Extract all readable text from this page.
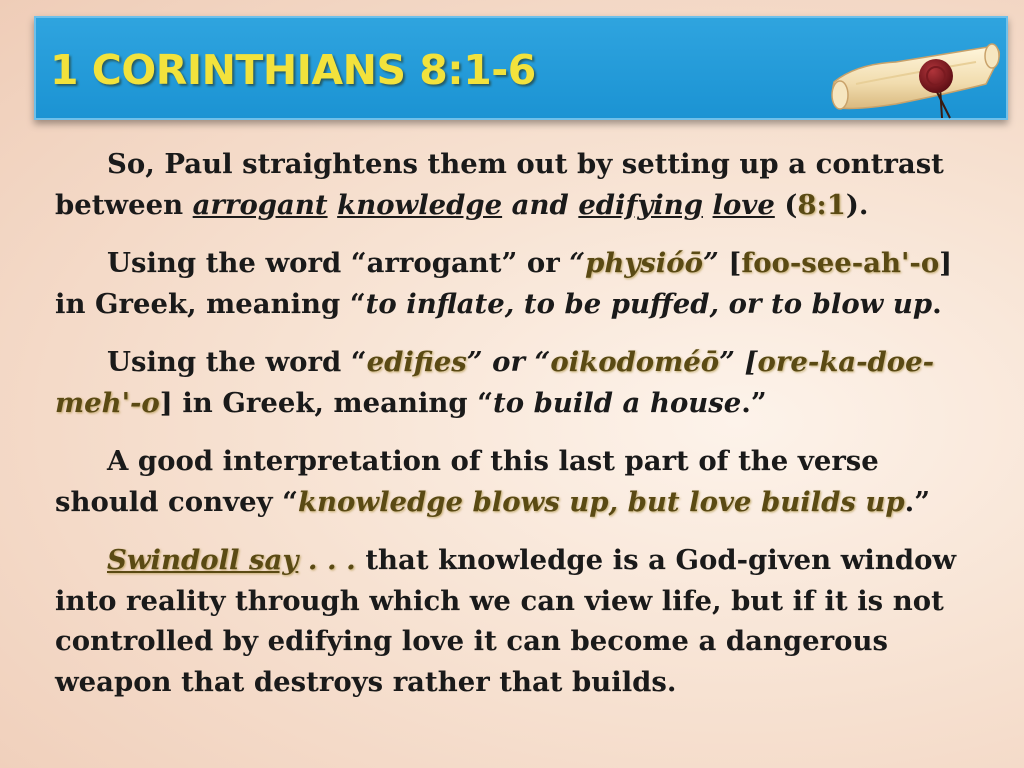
1 CORINTHIANS 8:1-6

So, Paul straightens them out by setting up a contrast between arrogant knowledge and edifying love (8:1).

Using the word “arrogant” or “physióō” [foo-see-ah'-o] in Greek, meaning “to inflate, to be puffed, or to blow up.

Using the word “edifies” or “oikodoméō” [ore-ka-doe-meh'-o] in Greek, meaning “to build a house.”

A good interpretation of this last part of the verse should convey “knowledge blows up, but love builds up.”

Swindoll say . . . that knowledge is a God-given window into reality through which we can view life, but if it is not controlled by edifying love it can become a dangerous weapon that destroys rather that builds.
